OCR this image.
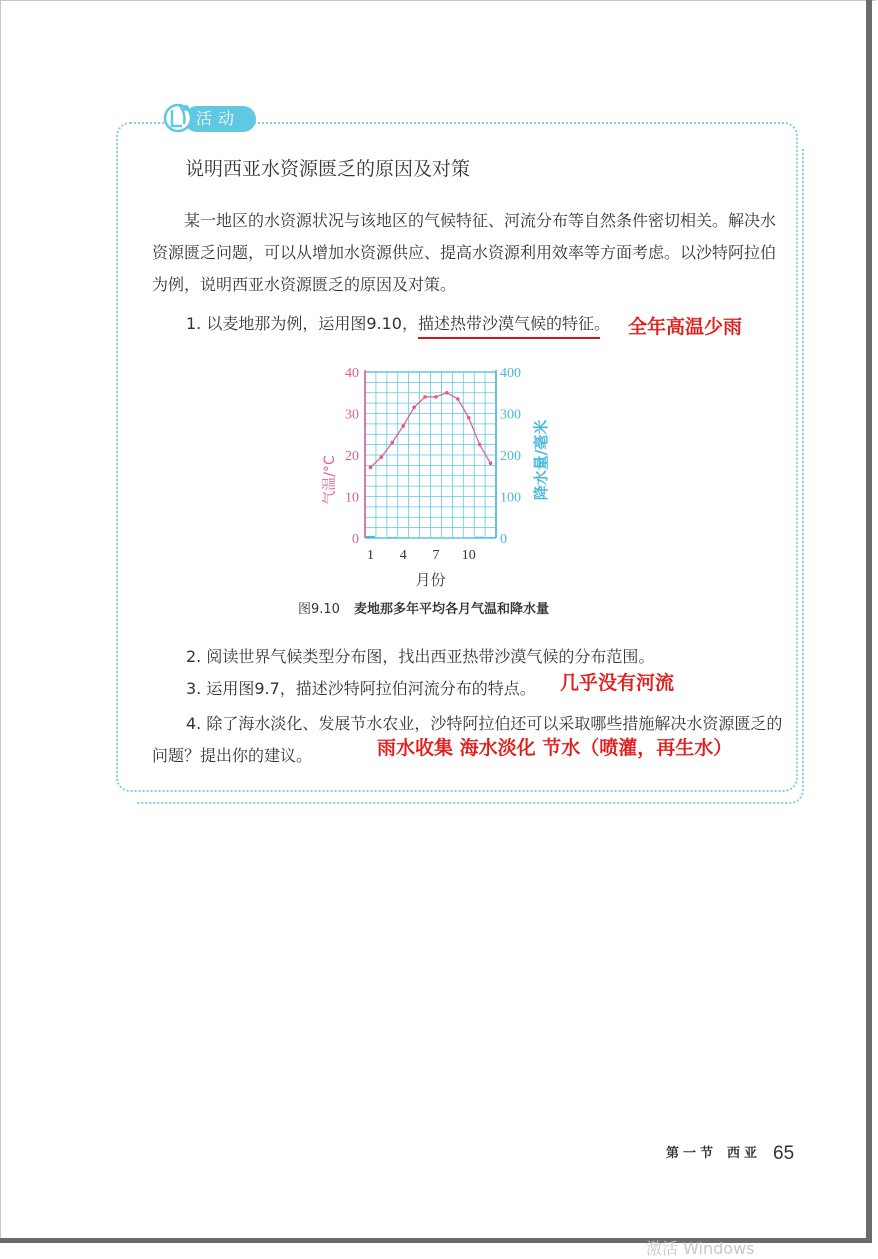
活动
说明西亚水资源匮乏的原因及对策
某一地区的水资源状况与该地区的气候特征、河流分布等自然条件密切相关。解决水资源匮乏问题，可以从增加水资源供应、提高水资源利用效率等方面考虑。以沙特阿拉伯为例，说明西亚水资源匮乏的原因及对策。
1. 以麦地那为例，运用图9.10，描述热带沙漠气候的特征。 全年高温少雨
0
10
20
30
40
0
100
200
300
400
1 4 7 10
月份
气温/°C	降水量/毫米
图9.10 麦地那多年平均各月气温和降水量
2. 阅读世界气候类型分布图，找出西亚热带沙漠气候的分布范围。
3. 运用图9.7，描述沙特阿拉伯河流分布的特点。 几乎没有河流
4. 除了海水淡化、发展节水农业，沙特阿拉伯还可以采取哪些措施解决水资源匮乏的问题？提出你的建议。	雨水收集 海水淡化 节水（喷灌，再生水）
第一节 西亚 65
激活 Windows
